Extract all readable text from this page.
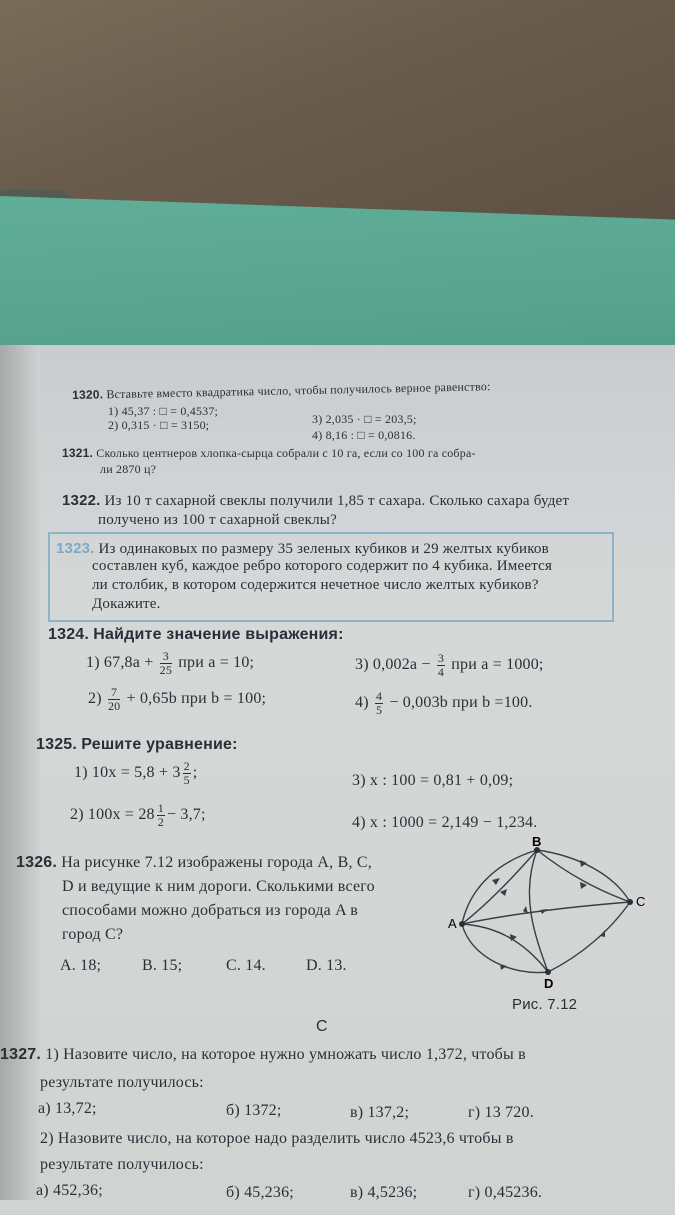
1320. Вставьте вместо квадратика число, чтобы получилось верное равенство:
1) 45,37 : □ = 0,4537;
2) 0,315 · □ = 3150;	3) 2,035 · □ = 203,5;
4) 8,16 : □ = 0,0816.
1321. Сколько центнеров хлопка-сырца собрали с 10 га, если со 100 га собра-
ли 2870 ц?
1322. Из 10 т сахарной свеклы получили 1,85 т сахара. Сколько сахара будет
получено из 100 т сахарной свеклы?
1323. Из одинаковых по размеру 35 зеленых кубиков и 29 желтых кубиков
составлен куб, каждое ребро которого содержит по 4 кубика. Имеется
ли столбик, в котором содержится нечетное число желтых кубиков?
Докажите.
1324. Найдите значение выражения:
1) $67,8a + \frac{3}{25}$ при a = 10;	3) $0,002a - \frac{3}{4}$ при a = 1000;
$2) \frac{7}{20} + 0,65b$ при b = 100;	$4) \frac{4}{5} - 0,003b$ при b =100.
1325. Решите уравнение:
1) $10x = 5,8 + 3 \frac{2}{5}$ ;	3) x : 100 = 0,81 + 0,09;
2) $100x = 28 \frac{1}{2} - 3,7$;	4) x : 1000 = 2,149 − 1,234.
1326. На рисунке 7.12 изображены города A, B, C,
D и ведущие к ним дороги. Сколькими всего
способами можно добраться из города A в
город C?
A. 18;	B. 15;	C. 14.	D. 13.
A
B
C
D
Рис. 7.12
C
1327. 1) Назовите число, на которое нужно умножать число 1,372, чтобы в
результате получилось:
а) 13,72;	б) 1372;	в) 137,2;	г) 13 720.
2) Назовите число, на которое надо разделить число 4523,6 чтобы в
результате получилось:
а) 452,36;	б) 45,236;	в) 4,5236;	г) 0,45236.
